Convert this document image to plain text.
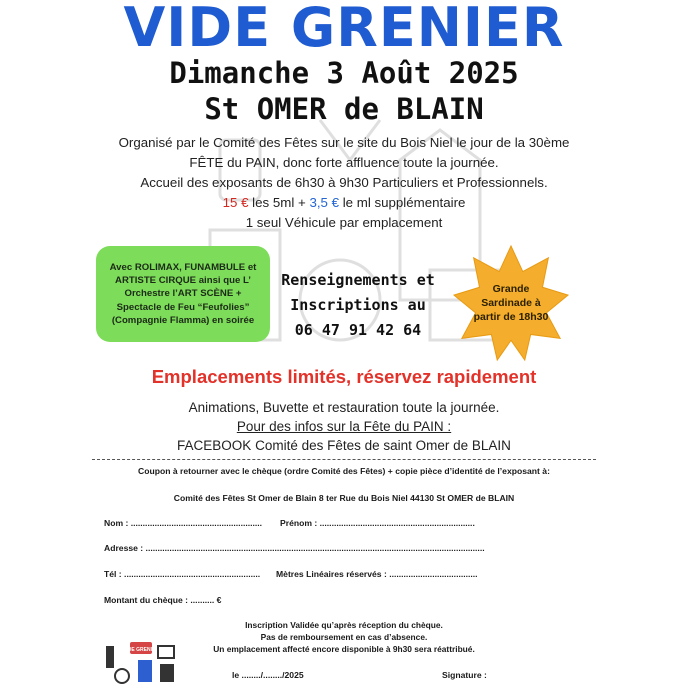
VIDE GRENIER
Dimanche 3 Août 2025
St OMER de BLAIN
Organisé par le Comité des Fêtes sur le site du Bois Niel le jour de la 30ème
FÊTE du PAIN, donc forte affluence toute la journée.
Accueil des exposants de 6h30 à 9h30 Particuliers et Professionnels.
15 € les 5ml + 3,5 € le ml supplémentaire
1 seul Véhicule par emplacement
Avec ROLIMAX, FUNAMBULE et ARTISTE CIRQUE ainsi que L’ Orchestre l’ART SCÈNE + Spectacle de Feu “Feufolies” (Compagnie Flamma) en soirée
Renseignements et
Inscriptions au
06 47 91 42 64
Grande
Sardinade à
partir de 18h30
Emplacements limités, réservez rapidement
Animations, Buvette et restauration toute la journée.
Pour des infos sur la Fête du PAIN :
FACEBOOK Comité des Fêtes de saint Omer de BLAIN
Coupon à retourner avec le chèque (ordre Comité des Fêtes) + copie pièce d’identité de l’exposant à:
Comité des Fêtes St Omer de Blain 8 ter Rue du Bois Niel 44130 St OMER de BLAIN
Nom : ....................................................... Prénom : .................................................................
Adresse : ..............................................................................................................................................
Tél : ......................................................... Mètres Linéaires réservés : .....................................
Montant du chèque : .......... €
Inscription Validée qu’après réception du chèque.
Pas de remboursement en cas d’absence.
Un emplacement affecté encore disponible à 9h30 sera réattribué.
VIDE GRENIER
le ......../......../2025	Signature :
